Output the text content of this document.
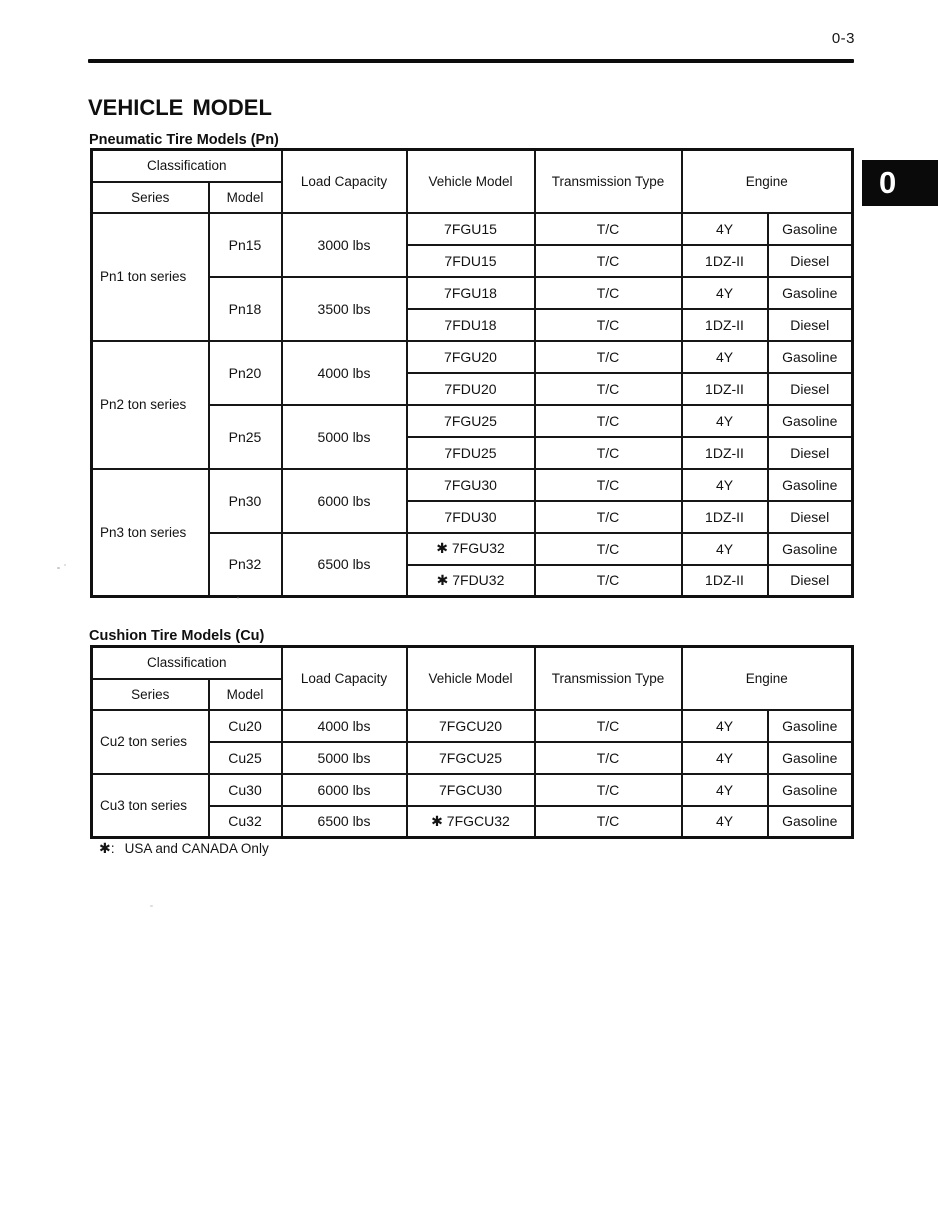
0-3
VEHICLE MODEL
Pneumatic Tire Models (Pn)
Classification		Load Capacity	Vehicle Model	Transmission Type	Engine	
Series	Model					
Pn1 ton series	Pn15	3000 lbs	7FGU15	T/C	4Y	Gasoline
			7FDU15	T/C	1DZ-II	Diesel
	Pn18	3500 lbs	7FGU18	T/C	4Y	Gasoline
			7FDU18	T/C	1DZ-II	Diesel
Pn2 ton series	Pn20	4000 lbs	7FGU20	T/C	4Y	Gasoline
			7FDU20	T/C	1DZ-II	Diesel
	Pn25	5000 lbs	7FGU25	T/C	4Y	Gasoline
			7FDU25	T/C	1DZ-II	Diesel
Pn3 ton series	Pn30	6000 lbs	7FGU30	T/C	4Y	Gasoline
			7FDU30	T/C	1DZ-II	Diesel
	Pn32	6500 lbs	✱ 7FGU32	T/C	4Y	Gasoline
			✱ 7FDU32	T/C	1DZ-II	Diesel
Cushion Tire Models (Cu)
Classification		Load Capacity	Vehicle Model	Transmission Type	Engine	
Series	Model					
Cu2 ton series	Cu20	4000 lbs	7FGCU20	T/C	4Y	Gasoline
	Cu25	5000 lbs	7FGCU25	T/C	4Y	Gasoline
Cu3 ton series	Cu30	6000 lbs	7FGCU30	T/C	4Y	Gasoline
	Cu32	6500 lbs	✱ 7FGCU32	T/C	4Y	Gasoline
✱: USA and CANADA Only
0
